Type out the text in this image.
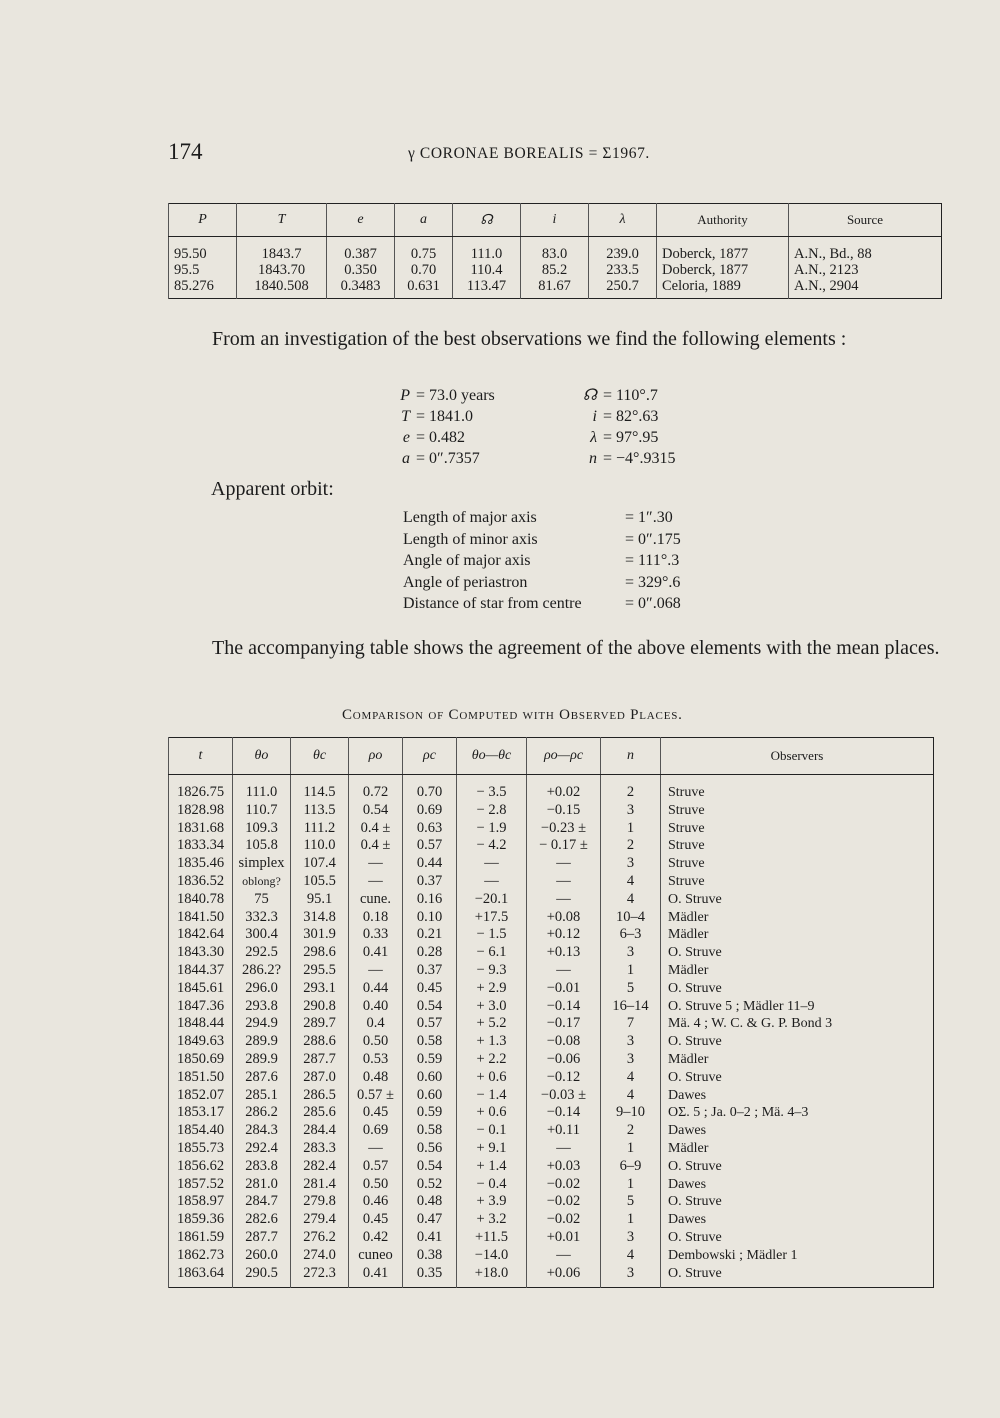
174	γ CORONAE BOREALIS = Σ1967.
P	T	e	a	☊	i	λ	Authority	Source
95.50	1843.7	0.387	0.75	111.0	83.0	239.0	Doberck, 1877	A.N., Bd., 88
95.5	1843.70	0.350	0.70	110.4	85.2	233.5	Doberck, 1877	A.N., 2123
85.276	1840.508	0.3483	0.631	113.47	81.67	250.7	Celoria, 1889	A.N., 2904
From an investigation of the best observations we find the following elements :
P = 73.0 years
T = 1841.0
e = 0.482
a = 0″.7357
☊ = 110°.7
i = 82°.63
λ = 97°.95
n = −4°.9315
Apparent orbit:
Length of major axis	= 1″.30
Length of minor axis	= 0″.175
Angle of major axis	= 111°.3
Angle of periastron	= 329°.6
Distance of star from centre	= 0″.068
The accompanying table shows the agreement of the above elements with the mean places.
Comparison of Computed with Observed Places.
t	θo	θc	ρo	ρc	θo—θc	ρo—ρc	n	Observers
1826.75	111.0	114.5	0.72	0.70	− 3.5	+0.02	2	Struve
1828.98	110.7	113.5	0.54	0.69	− 2.8	−0.15	3	Struve
1831.68	109.3	111.2	0.4 ±	0.63	− 1.9	−0.23 ±	1	Struve
1833.34	105.8	110.0	0.4 ±	0.57	− 4.2	− 0.17 ±	2	Struve
1835.46	simplex	107.4	—	0.44	—	—	3	Struve
1836.52	oblong?	105.5	—	0.37	—	—	4	Struve
1840.78	75	95.1	cune.	0.16	−20.1	—	4	O. Struve
1841.50	332.3	314.8	0.18	0.10	+17.5	+0.08	10–4	Mädler
1842.64	300.4	301.9	0.33	0.21	− 1.5	+0.12	6–3	Mädler
1843.30	292.5	298.6	0.41	0.28	− 6.1	+0.13	3	O. Struve
1844.37	286.2?	295.5	—	0.37	− 9.3	—	1	Mädler
1845.61	296.0	293.1	0.44	0.45	+ 2.9	−0.01	5	O. Struve
1847.36	293.8	290.8	0.40	0.54	+ 3.0	−0.14	16–14	O. Struve 5 ; Mädler 11–9
1848.44	294.9	289.7	0.4	0.57	+ 5.2	−0.17	7	Mä. 4 ; W. C. & G. P. Bond 3
1849.63	289.9	288.6	0.50	0.58	+ 1.3	−0.08	3	O. Struve
1850.69	289.9	287.7	0.53	0.59	+ 2.2	−0.06	3	Mädler
1851.50	287.6	287.0	0.48	0.60	+ 0.6	−0.12	4	O. Struve
1852.07	285.1	286.5	0.57 ±	0.60	− 1.4	−0.03 ±	4	Dawes
1853.17	286.2	285.6	0.45	0.59	+ 0.6	−0.14	9–10	OΣ. 5 ; Ja. 0–2 ; Mä. 4–3
1854.40	284.3	284.4	0.69	0.58	− 0.1	+0.11	2	Dawes
1855.73	292.4	283.3	—	0.56	+ 9.1	—	1	Mädler
1856.62	283.8	282.4	0.57	0.54	+ 1.4	+0.03	6–9	O. Struve
1857.52	281.0	281.4	0.50	0.52	− 0.4	−0.02	1	Dawes
1858.97	284.7	279.8	0.46	0.48	+ 3.9	−0.02	5	O. Struve
1859.36	282.6	279.4	0.45	0.47	+ 3.2	−0.02	1	Dawes
1861.59	287.7	276.2	0.42	0.41	+11.5	+0.01	3	O. Struve
1862.73	260.0	274.0	cuneo	0.38	−14.0	—	4	Dembowski ; Mädler 1
1863.64	290.5	272.3	0.41	0.35	+18.0	+0.06	3	O. Struve
